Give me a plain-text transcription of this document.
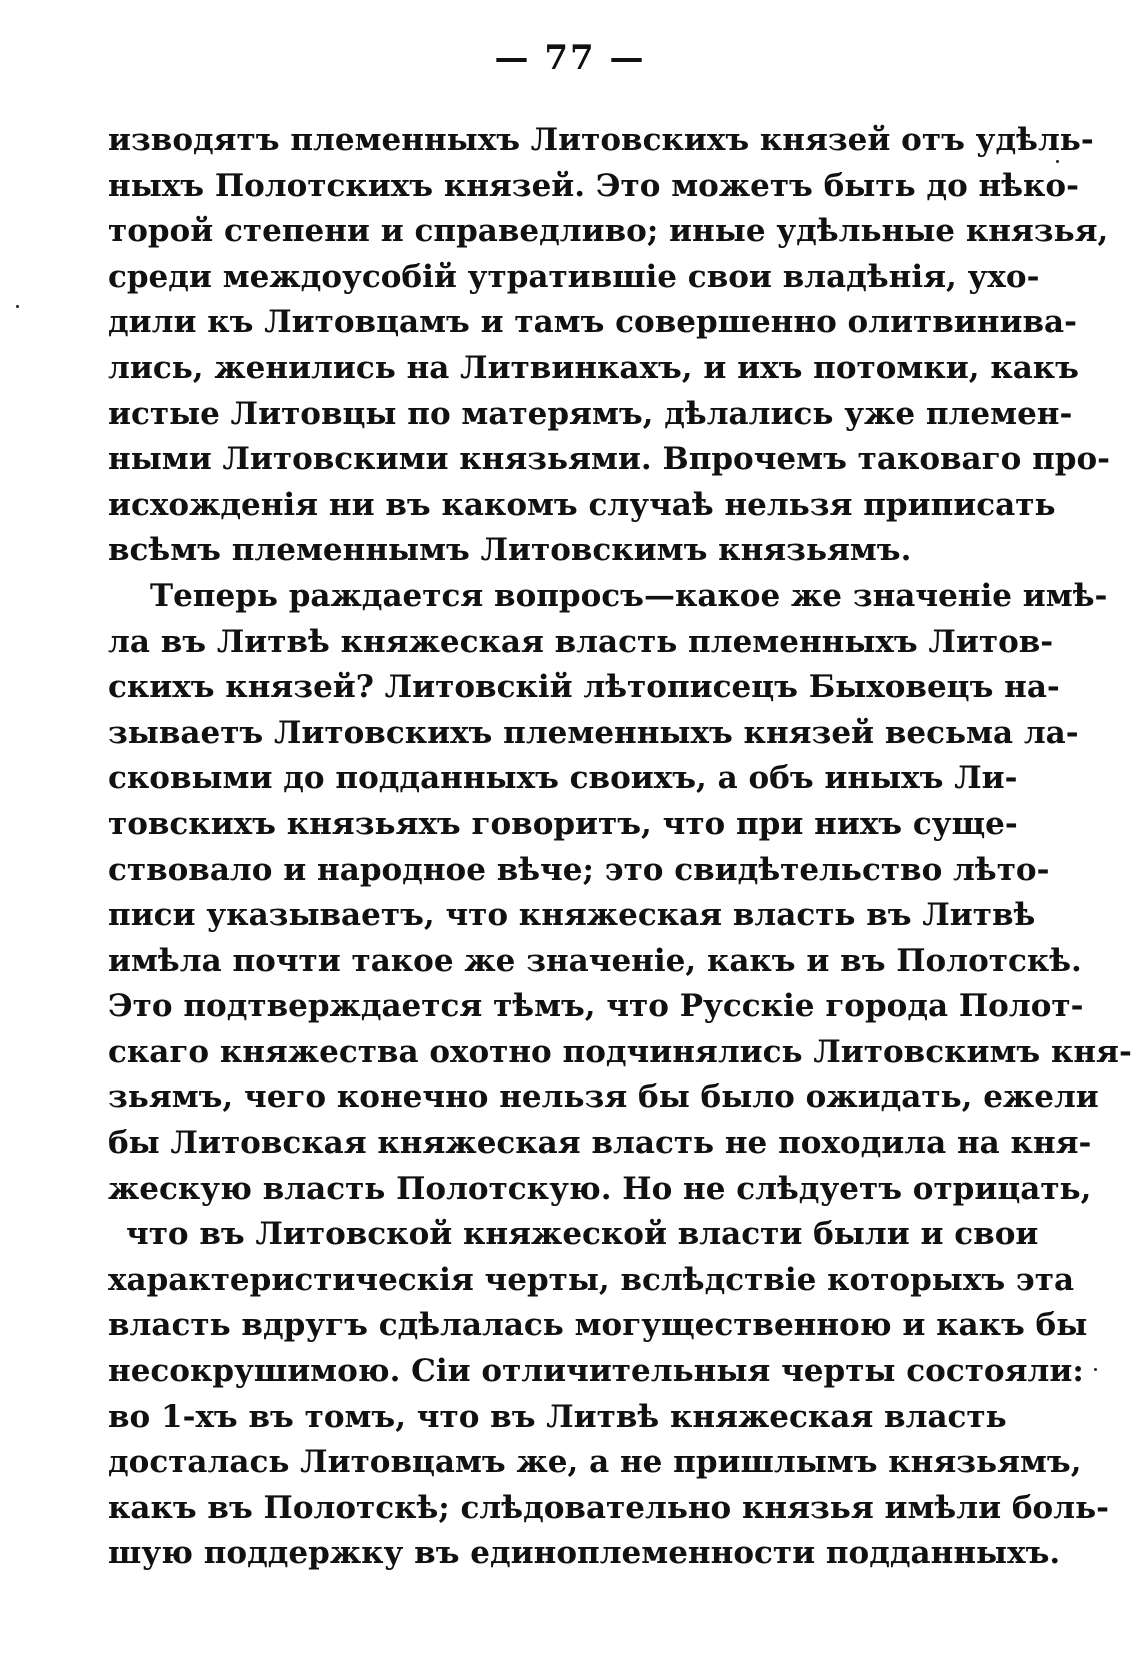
— 77 —
изводятъ племенныхъ Литовскихъ князей отъ удѣль-
ныхъ Полотскихъ князей. Это можетъ быть до нѣко-
торой степени и справедливо; иные удѣльные князья,
среди междоусобій утратившіе свои владѣнія, ухо-
дили къ Литовцамъ и тамъ совершенно олитвинива-
лись, женились на Литвинкахъ, и ихъ потомки, какъ
истые Литовцы по матерямъ, дѣлались уже племен-
ными Литовскими князьями. Впрочемъ таковаго про-
исхожденія ни въ какомъ случаѣ нельзя приписать
всѣмъ племеннымъ Литовскимъ князьямъ.
Теперь раждается вопросъ—какое же значеніе имѣ-
ла въ Литвѣ княжеская власть племенныхъ Литов-
скихъ князей? Литовскій лѣтописецъ Быховецъ на-
зываетъ Литовскихъ племенныхъ князей весьма ла-
сковыми до подданныхъ своихъ, а объ иныхъ Ли-
товскихъ князьяхъ говоритъ, что при нихъ суще-
ствовало и народное вѣче; это свидѣтельство лѣто-
писи указываетъ, что княжеская власть въ Литвѣ
имѣла почти такое же значеніе, какъ и въ Полотскѣ.
Это подтверждается тѣмъ, что Русскіе города Полот-
скаго княжества охотно подчинялись Литовскимъ кня-
зьямъ, чего конечно нельзя бы было ожидать, ежели
бы Литовская княжеская власть не походила на кня-
жескую власть Полотскую. Но не слѣдуетъ отрицать,
что въ Литовской княжеской власти были и свои
характеристическія черты, вслѣдствіе которыхъ эта
власть вдругъ сдѣлалась могущественною и какъ бы
несокрушимою. Сіи отличительныя черты состояли:
во 1-хъ въ томъ, что въ Литвѣ княжеская власть
досталась Литовцамъ же, а не пришлымъ князьямъ,
какъ въ Полотскѣ; слѣдовательно князья имѣли боль-
шую поддержку въ единоплеменности подданныхъ.
